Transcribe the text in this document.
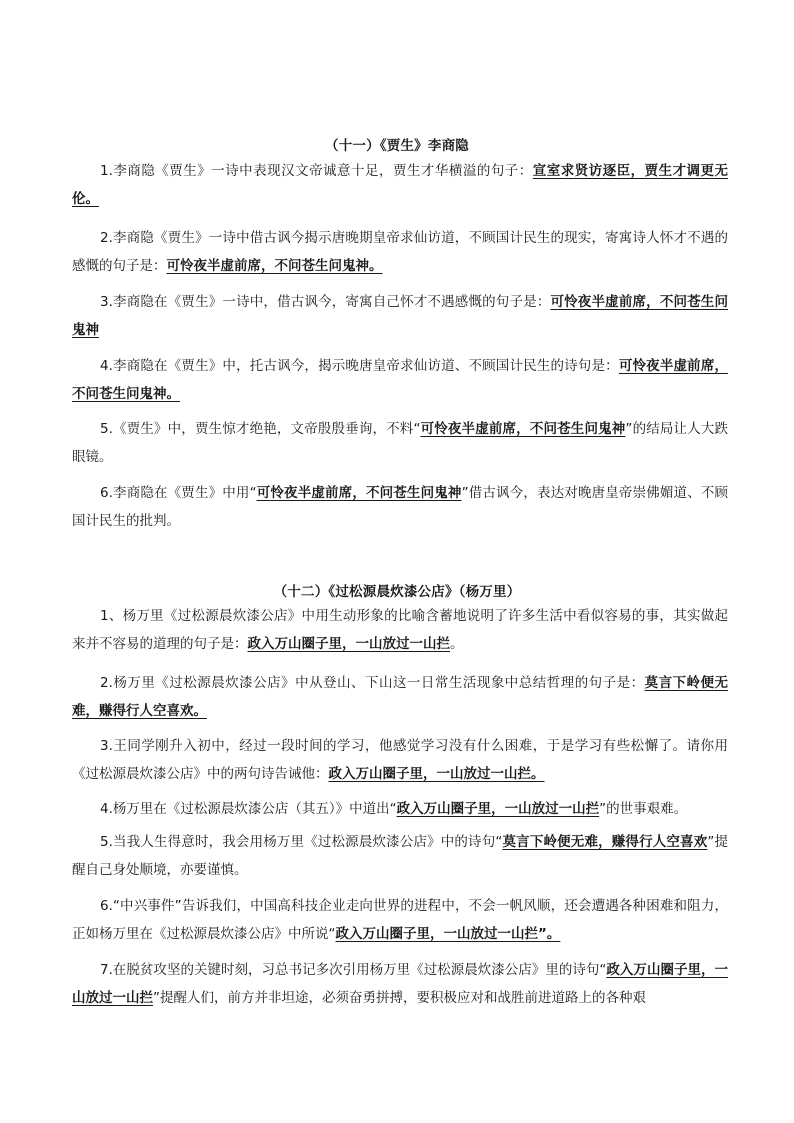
（十一）《贾生》李商隐

1.李商隐《贾生》一诗中表现汉文帝诚意十足，贾生才华横溢的句子：宣室求贤访逐臣，贾生才调更无伦。

2.李商隐《贾生》一诗中借古讽今揭示唐晚期皇帝求仙访道，不顾国计民生的现实，寄寓诗人怀才不遇的感慨的句子是：可怜夜半虚前席，不问苍生问鬼神。

3.李商隐在《贾生》一诗中，借古讽今，寄寓自己怀才不遇感慨的句子是：可怜夜半虚前席，不问苍生问鬼神

4.李商隐在《贾生》中，托古讽今，揭示晚唐皇帝求仙访道、不顾国计民生的诗句是：可怜夜半虚前席，不问苍生问鬼神。

5.《贾生》中，贾生惊才绝艳，文帝殷殷垂询，不料“可怜夜半虚前席，不问苍生问鬼神”的结局让人大跌眼镜。

6.李商隐在《贾生》中用“可怜夜半虚前席，不问苍生问鬼神”借古讽今，表达对晚唐皇帝崇佛媚道、不顾国计民生的批判。

（十二）《过松源晨炊漆公店》（杨万里）

1、杨万里《过松源晨炊漆公店》中用生动形象的比喻含蓄地说明了许多生活中看似容易的事，其实做起来并不容易的道理的句子是：政入万山圈子里，一山放过一山拦。

2.杨万里《过松源晨炊漆公店》中从登山、下山这一日常生活现象中总结哲理的句子是：莫言下岭便无难，赚得行人空喜欢。

3.王同学刚升入初中，经过一段时间的学习，他感觉学习没有什么困难，于是学习有些松懈了。请你用《过松源晨炊漆公店》中的两句诗告诫他：政入万山圈子里，一山放过一山拦。

4.杨万里在《过松源晨炊漆公店（其五）》中道出“政入万山圈子里，一山放过一山拦”的世事艰难。

5.当我人生得意时，我会用杨万里《过松源晨炊漆公店》中的诗句“莫言下岭便无难，赚得行人空喜欢”提醒自己身处顺境，亦要谨慎。

6.“中兴事件”告诉我们，中国高科技企业走向世界的进程中，不会一帆风顺，还会遭遇各种困难和阻力，正如杨万里在《过松源晨炊漆公店》中所说“政入万山圈子里，一山放过一山拦”。

7.在脱贫攻坚的关键时刻，习总书记多次引用杨万里《过松源晨炊漆公店》里的诗句“政入万山圈子里，一山放过一山拦”提醒人们，前方并非坦途，必须奋勇拼搏，要积极应对和战胜前进道路上的各种艰
